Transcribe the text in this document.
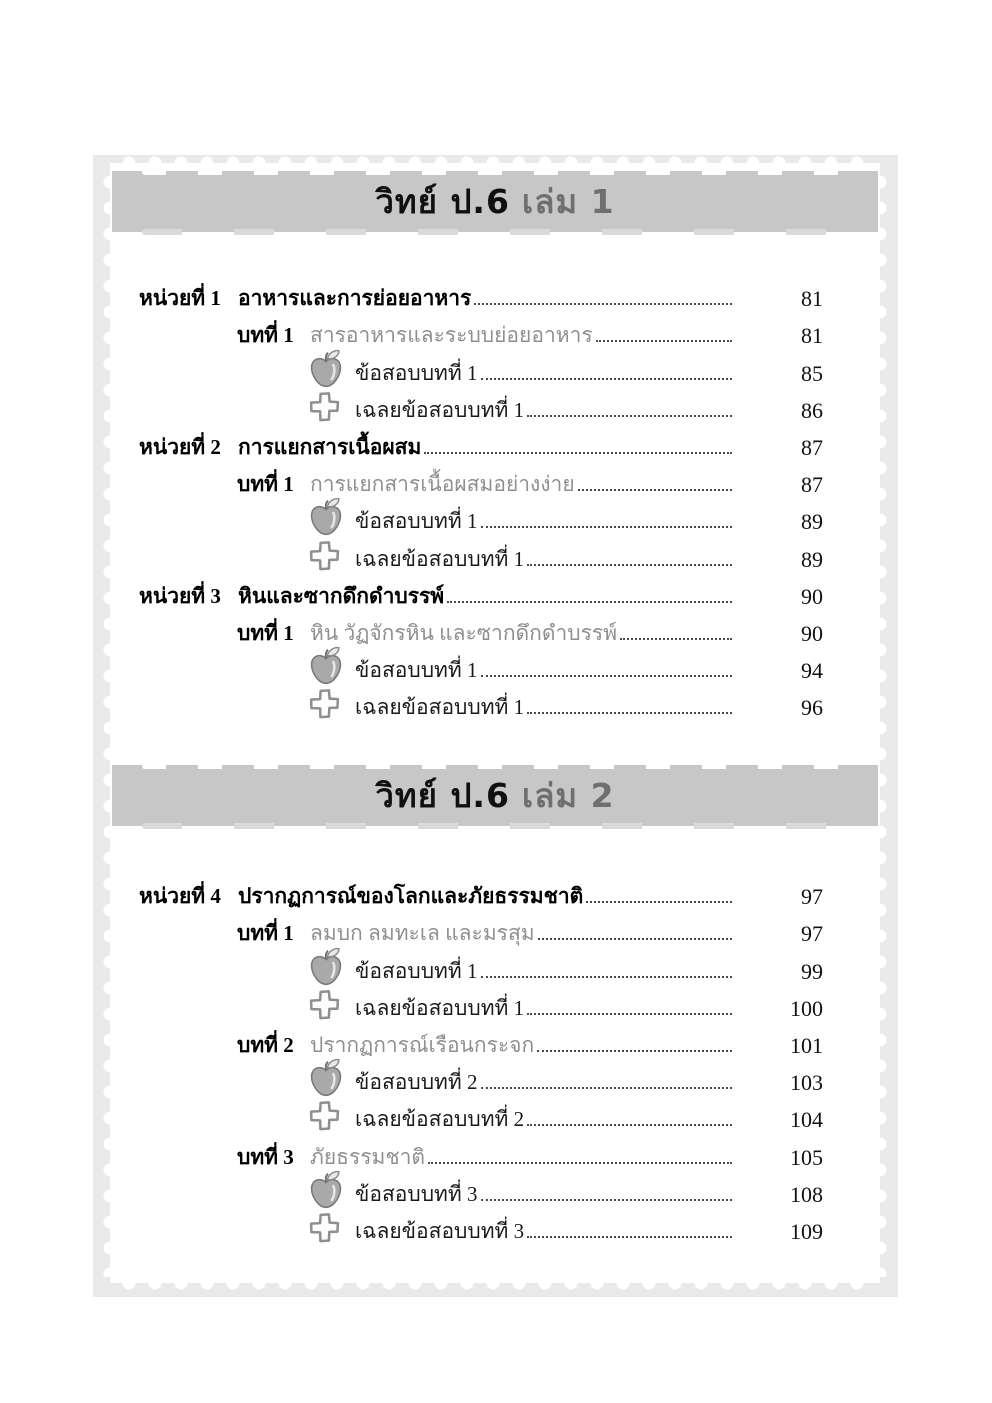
วิทย์ ป.6 เล่ม 1
หน่วยที่ 1 อาหารและการย่อยอาหาร	81
บทที่ 1 สารอาหารและระบบย่อยอาหาร	81
ข้อสอบบทที่ 1	85
เฉลยข้อสอบบทที่ 1	86
หน่วยที่ 2 การแยกสารเนื้อผสม	87
บทที่ 1 การแยกสารเนื้อผสมอย่างง่าย	87
ข้อสอบบทที่ 1	89
เฉลยข้อสอบบทที่ 1	89
หน่วยที่ 3 หินและซากดึกดำบรรพ์	90
บทที่ 1 หิน วัฏจักรหิน และซากดึกดำบรรพ์	90
ข้อสอบบทที่ 1	94
เฉลยข้อสอบบทที่ 1	96
วิทย์ ป.6 เล่ม 2
หน่วยที่ 4 ปรากฏการณ์ของโลกและภัยธรรมชาติ	97
บทที่ 1 ลมบก ลมทะเล และมรสุม	97
ข้อสอบบทที่ 1	99
เฉลยข้อสอบบทที่ 1	100
บทที่ 2 ปรากฏการณ์เรือนกระจก	101
ข้อสอบบทที่ 2	103
เฉลยข้อสอบบทที่ 2	104
บทที่ 3 ภัยธรรมชาติ	105
ข้อสอบบทที่ 3	108
เฉลยข้อสอบบทที่ 3	109
